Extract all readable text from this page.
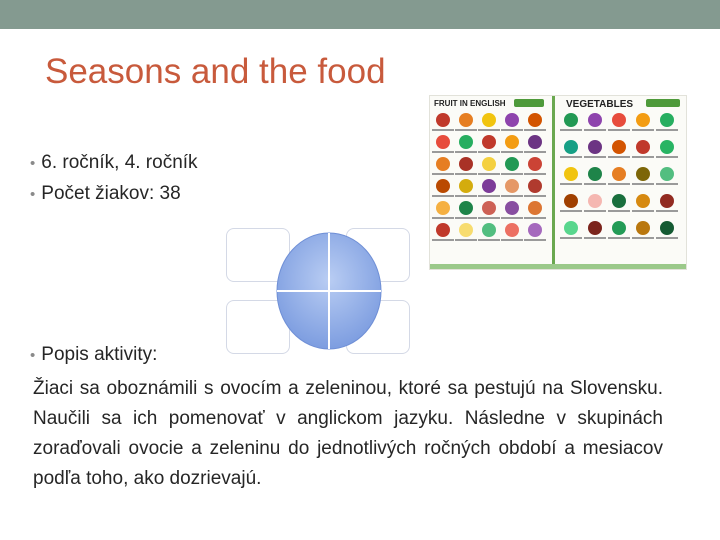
Seasons and the food
• 6. ročník, 4. ročník
• Počet žiakov: 38
FRUIT IN ENGLISH	VEGETABLES
• Popis aktivity:
Žiaci sa oboznámili s ovocím a zeleninou, ktoré sa pestujú na Slovensku. Naučili sa ich pomenovať v anglickom jazyku. Následne v skupinách zoraďovali ovocie a zeleninu do jednotlivých ročných období a mesiacov podľa toho, ako dozrievajú.
